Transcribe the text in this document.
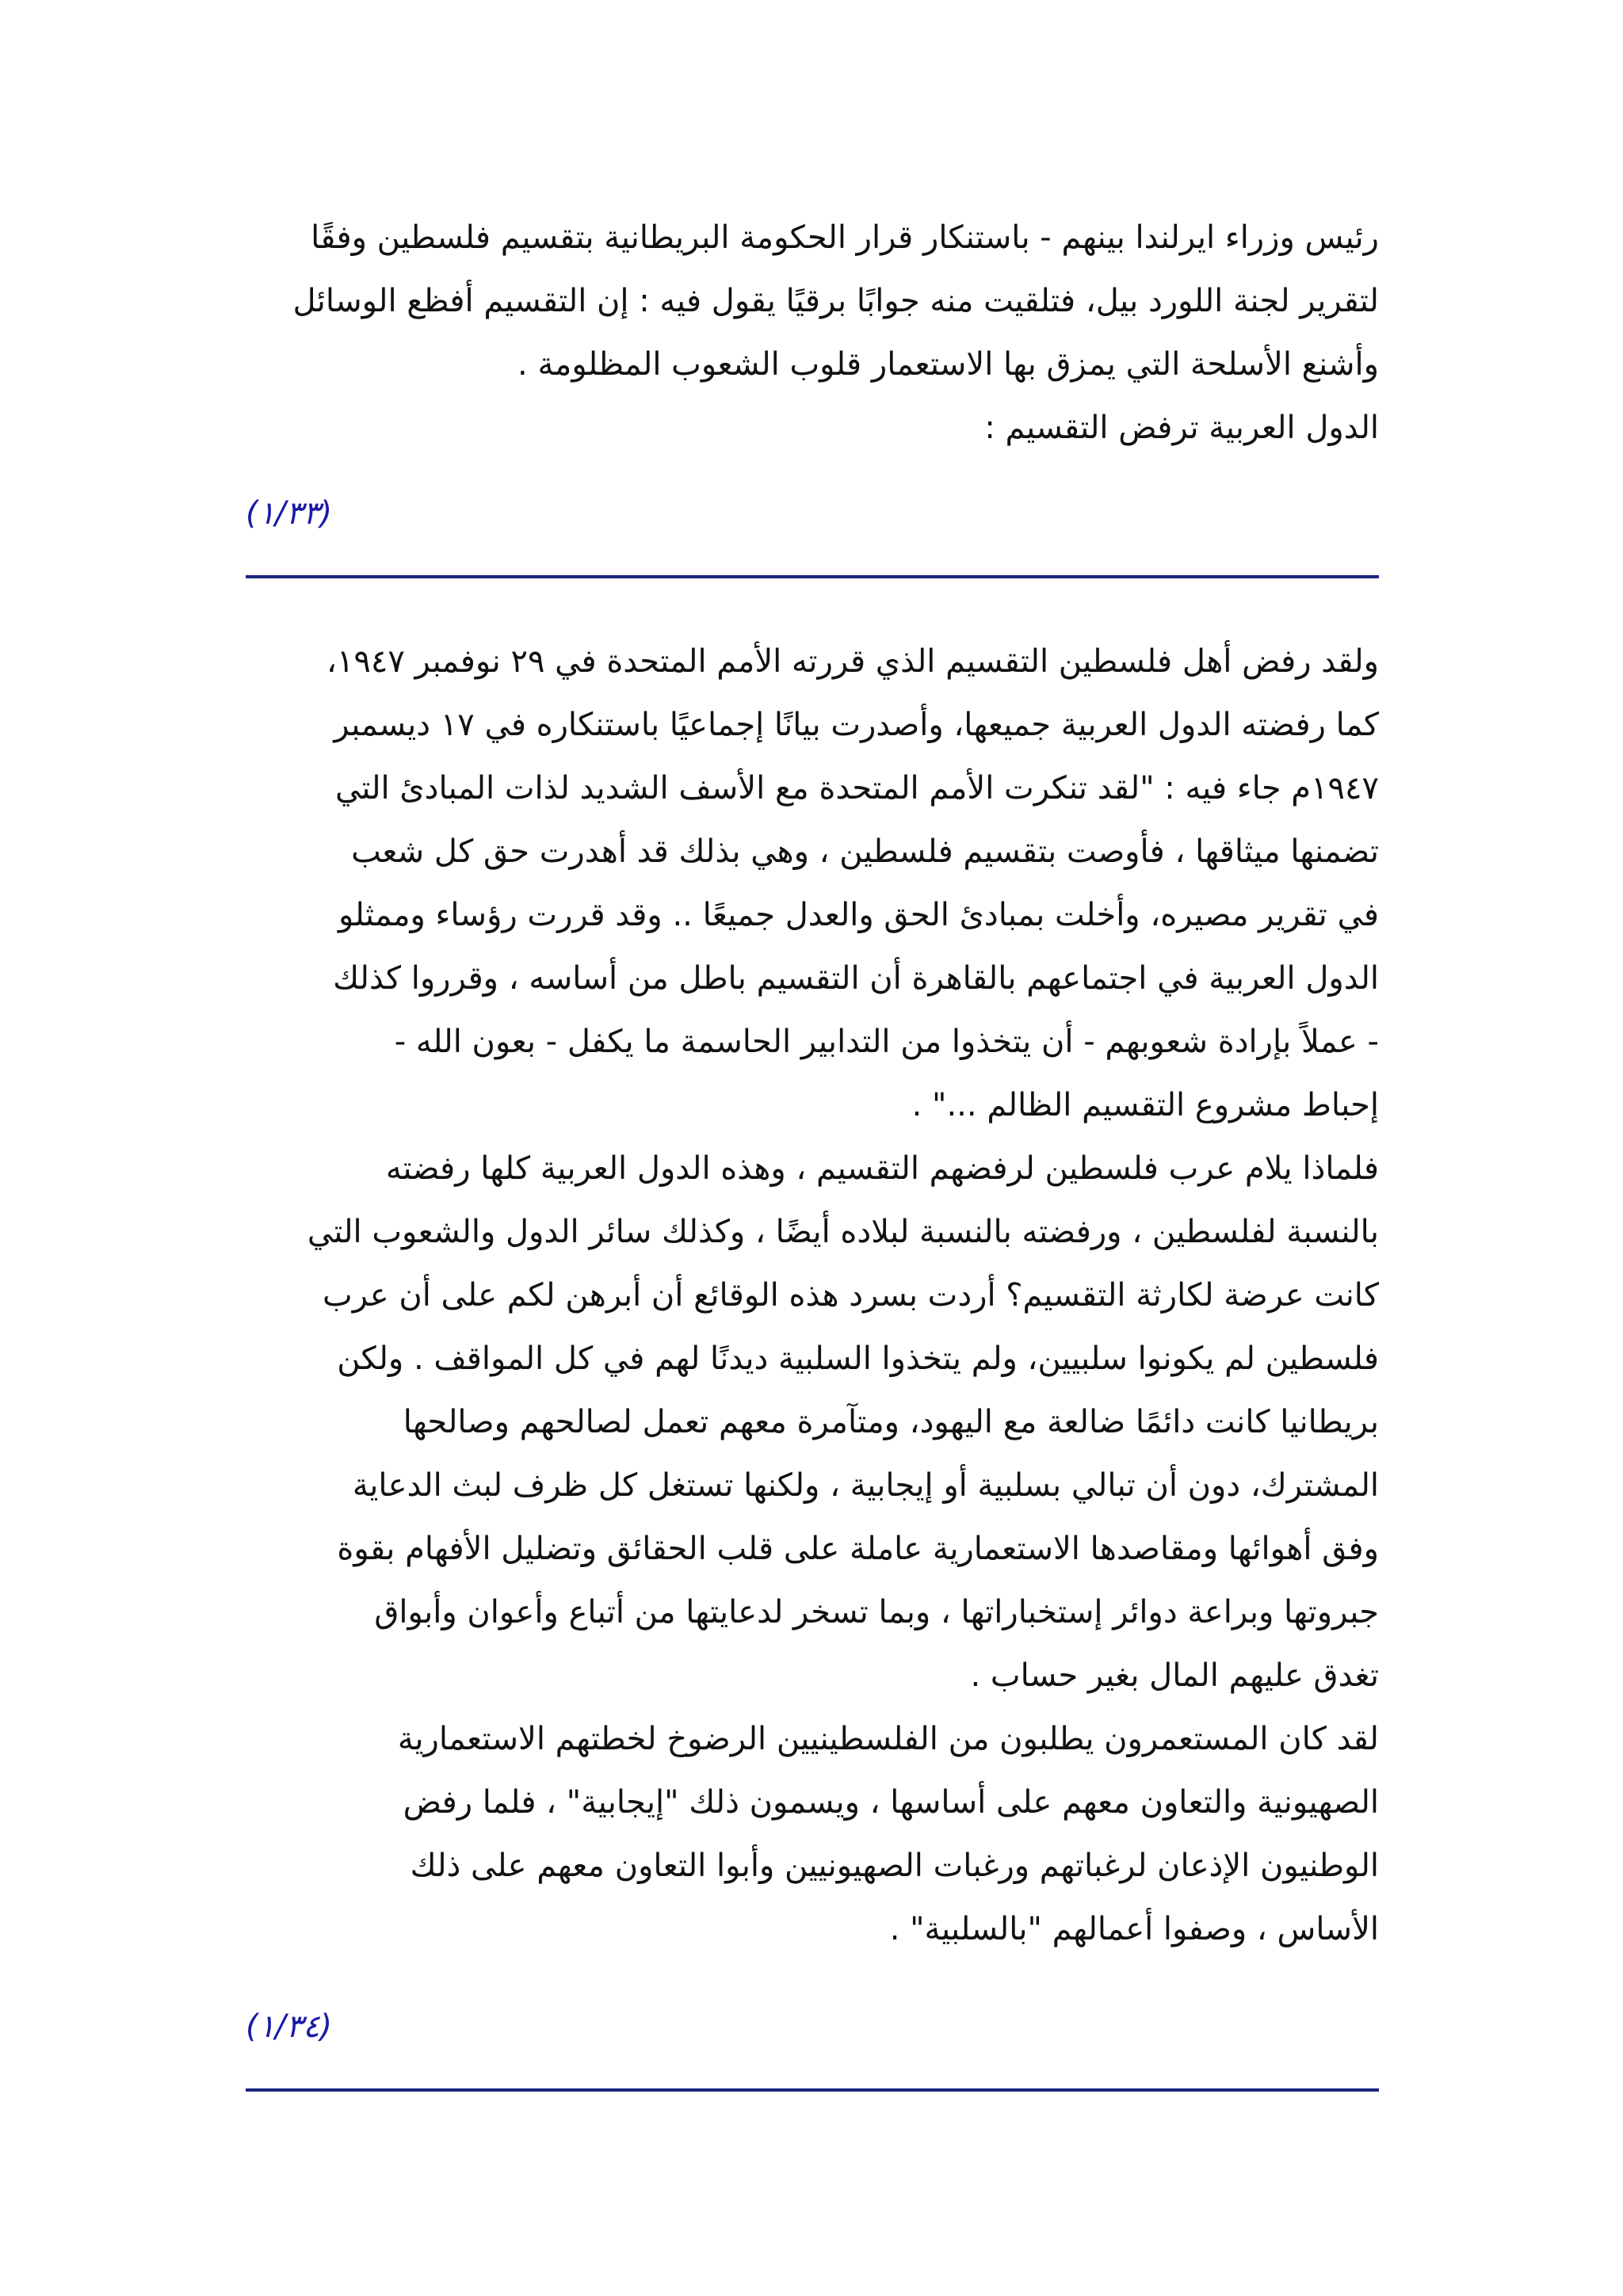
رئيس وزراء ايرلندا بينهم - باستنكار قرار الحكومة البريطانية بتقسيم فلسطين وفقًا
لتقرير لجنة اللورد بيل، فتلقيت منه جوابًا برقيًا يقول فيه : إن التقسيم أفظع الوسائل
وأشنع الأسلحة التي يمزق بها الاستعمار قلوب الشعوب المظلومة .
الدول العربية ترفض التقسيم :
(١/٣٣)
ولقد رفض أهل فلسطين التقسيم الذي قررته الأمم المتحدة في ٢٩ نوفمبر ١٩٤٧،
كما رفضته الدول العربية جميعها، وأصدرت بيانًا إجماعيًا باستنكاره في ١٧ ديسمبر
١٩٤٧م جاء فيه : "لقد تنكرت الأمم المتحدة مع الأسف الشديد لذات المبادئ التي
تضمنها ميثاقها ، فأوصت بتقسيم فلسطين ، وهي بذلك قد أهدرت حق كل شعب
في تقرير مصيره، وأخلت بمبادئ الحق والعدل جميعًا .. وقد قررت رؤساء وممثلو
الدول العربية في اجتماعهم بالقاهرة أن التقسيم باطل من أساسه ، وقرروا كذلك
- عملاً بإرادة شعوبهم - أن يتخذوا من التدابير الحاسمة ما يكفل - بعون الله -
إحباط مشروع التقسيم الظالم ..." .
فلماذا يلام عرب فلسطين لرفضهم التقسيم ، وهذه الدول العربية كلها رفضته
بالنسبة لفلسطين ، ورفضته بالنسبة لبلاده أيضًا ، وكذلك سائر الدول والشعوب التي
كانت عرضة لكارثة التقسيم؟ أردت بسرد هذه الوقائع أن أبرهن لكم على أن عرب
فلسطين لم يكونوا سلبيين، ولم يتخذوا السلبية ديدنًا لهم في كل المواقف . ولكن
بريطانيا كانت دائمًا ضالعة مع اليهود، ومتآمرة معهم تعمل لصالحهم وصالحها
المشترك، دون أن تبالي بسلبية أو إيجابية ، ولكنها تستغل كل ظرف لبث الدعاية
وفق أهوائها ومقاصدها الاستعمارية عاملة على قلب الحقائق وتضليل الأفهام بقوة
جبروتها وبراعة دوائر إستخباراتها ، وبما تسخر لدعايتها من أتباع وأعوان وأبواق
تغدق عليهم المال بغير حساب .
لقد كان المستعمرون يطلبون من الفلسطينيين الرضوخ لخطتهم الاستعمارية
الصهيونية والتعاون معهم على أساسها ، ويسمون ذلك "إيجابية" ، فلما رفض
الوطنيون الإذعان لرغباتهم ورغبات الصهيونيين وأبوا التعاون معهم على ذلك
الأساس ، وصفوا أعمالهم "بالسلبية" .
(١/٣٤)
